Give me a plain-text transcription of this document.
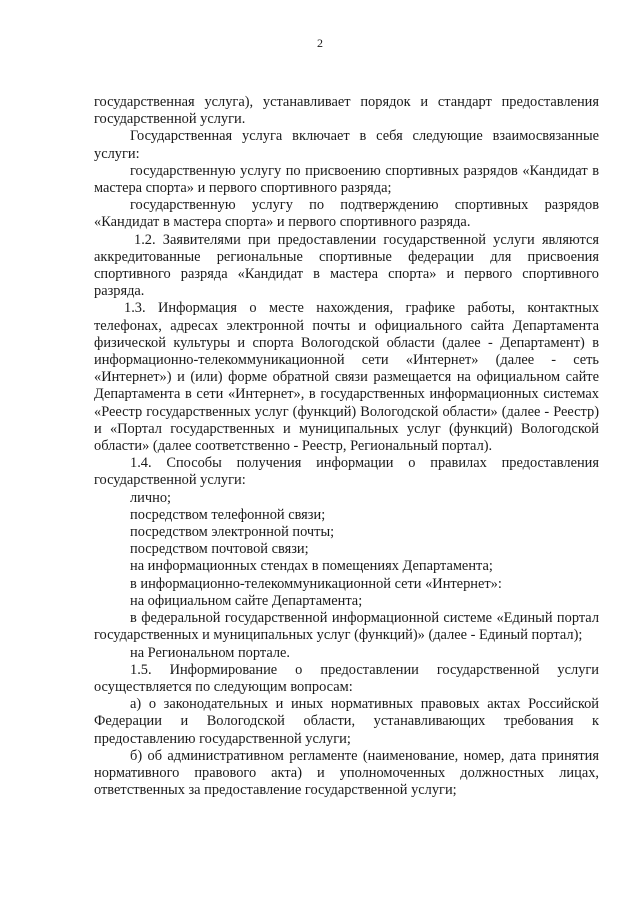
2

государственная услуга), устанавливает порядок и стандарт предоставления государственной услуги.

Государственная услуга включает в себя следующие взаимосвязанные услуги:

государственную услугу по присвоению спортивных разрядов «Кандидат в мастера спорта» и первого спортивного разряда;

государственную услугу по подтверждению спортивных разрядов «Кандидат в мастера спорта» и первого спортивного разряда.

1.2. Заявителями при предоставлении государственной услуги являются аккредитованные региональные спортивные федерации для присвоения спортивного разряда «Кандидат в мастера спорта» и первого спортивного разряда.

1.3. Информация о месте нахождения, графике работы, контактных телефонах, адресах электронной почты и официального сайта Департамента физической культуры и спорта Вологодской области (далее - Департамент) в информационно-телекоммуникационной сети «Интернет» (далее - сеть «Интернет») и (или) форме обратной связи размещается на официальном сайте Департамента в сети «Интернет», в государственных информационных системах «Реестр государственных услуг (функций) Вологодской области» (далее - Реестр) и «Портал государственных и муниципальных услуг (функций) Вологодской области» (далее соответственно - Реестр, Региональный портал).

1.4. Способы получения информации о правилах предоставления государственной услуги:

лично;

посредством телефонной связи;

посредством электронной почты;

посредством почтовой связи;

на информационных стендах в помещениях Департамента;

в информационно-телекоммуникационной сети «Интернет»:

на официальном сайте Департамента;

в федеральной государственной информационной системе «Единый портал государственных и муниципальных услуг (функций)» (далее - Единый портал);

на Региональном портале.

1.5. Информирование о предоставлении государственной услуги осуществляется по следующим вопросам:

а) о законодательных и иных нормативных правовых актах Российской Федерации и Вологодской области, устанавливающих требования к предоставлению государственной услуги;

б) об административном регламенте (наименование, номер, дата принятия нормативного правового акта) и уполномоченных должностных лицах, ответственных за предоставление государственной услуги;
